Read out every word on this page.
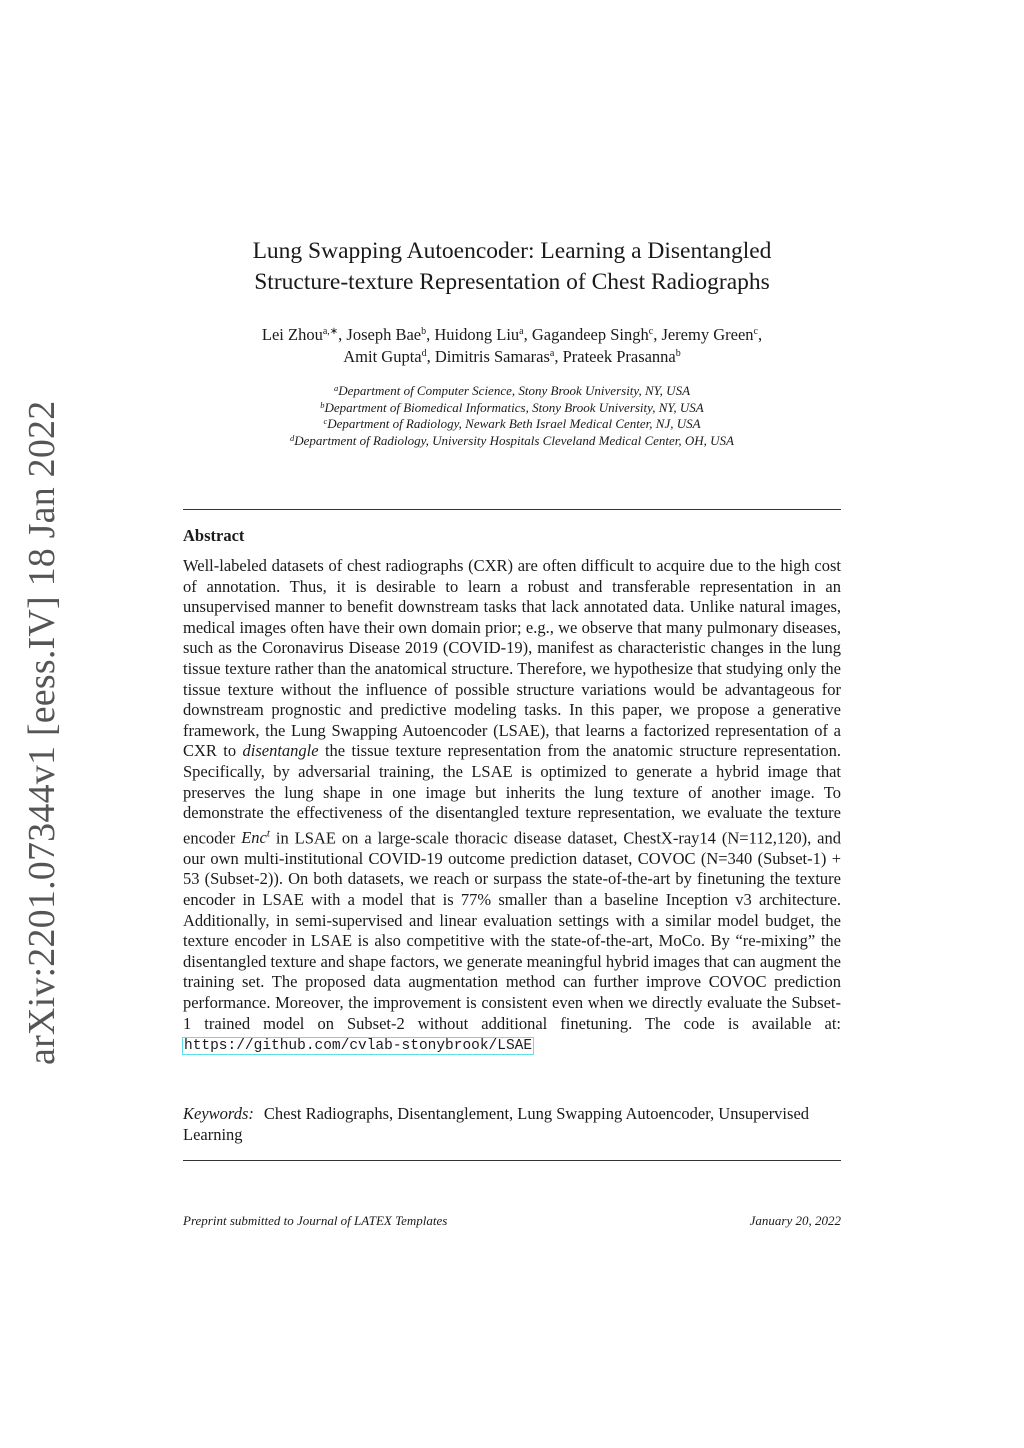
arXiv:2201.07344v1 [eess.IV] 18 Jan 2022
Lung Swapping Autoencoder: Learning a Disentangled
Structure-texture Representation of Chest Radiographs
Lei Zhou$^{a,∗}$, Joseph Bae$^b$, Huidong Liu$^a$, Gagandeep Singh$^c$, Jeremy Green$^c$,
Amit Gupta$^d$, Dimitris Samaras$^a$, Prateek Prasanna$^b$
$^a$Department of Computer Science, Stony Brook University, NY, USA
$^b$Department of Biomedical Informatics, Stony Brook University, NY, USA
$^c$Department of Radiology, Newark Beth Israel Medical Center, NJ, USA
$^d$Department of Radiology, University Hospitals Cleveland Medical Center, OH, USA
Abstract
Well-labeled datasets of chest radiographs (CXR) are often difficult to acquire due to the high cost of annotation. Thus, it is desirable to learn a robust and transferable representation in an unsupervised manner to benefit downstream tasks that lack annotated data. Unlike natural images, medical images often have their own domain prior; e.g., we observe that many pulmonary diseases, such as the Coronavirus Disease 2019 (COVID-19), manifest as characteristic changes in the lung tissue texture rather than the anatomical structure. Therefore, we hypothesize that studying only the tissue texture without the influence of possible structure variations would be advantageous for downstream prognostic and predictive modeling tasks. In this paper, we propose a generative framework, the Lung Swapping Autoencoder (LSAE), that learns a factorized representation of a CXR to disentangle the tissue texture representation from the anatomic structure representation. Specifically, by adversarial training, the LSAE is optimized to generate a hybrid image that preserves the lung shape in one image but inherits the lung texture of another image. To demonstrate the effectiveness of the disentangled texture representation, we evaluate the texture encoder Enc$^t$ in LSAE on a large-scale thoracic disease dataset, ChestX-ray14 (N=112,120), and our own multi-institutional COVID-19 outcome prediction dataset, COVOC (N=340 (Subset-1) + 53 (Subset-2)). On both datasets, we reach or surpass the state-of-the-art by finetuning the texture encoder in LSAE with a model that is 77% smaller than a baseline Inception v3 architecture. Additionally, in semi-supervised and linear evaluation settings with a similar model budget, the texture encoder in LSAE is also competitive with the state-of-the-art, MoCo. By “re-mixing” the disentangled texture and shape factors, we generate meaningful hybrid images that can augment the training set. The proposed data augmentation method can further improve COVOC prediction performance. Moreover, the improvement is consistent even when we directly evaluate the Subset-1 trained model on Subset-2 without additional finetuning. The code is available at: https://github.com/cvlab-stonybrook/LSAE
Keywords: Chest Radiographs, Disentanglement, Lung Swapping Autoencoder, Unsupervised Learning
Preprint submitted to Journal of LATEX Templates	January 20, 2022
